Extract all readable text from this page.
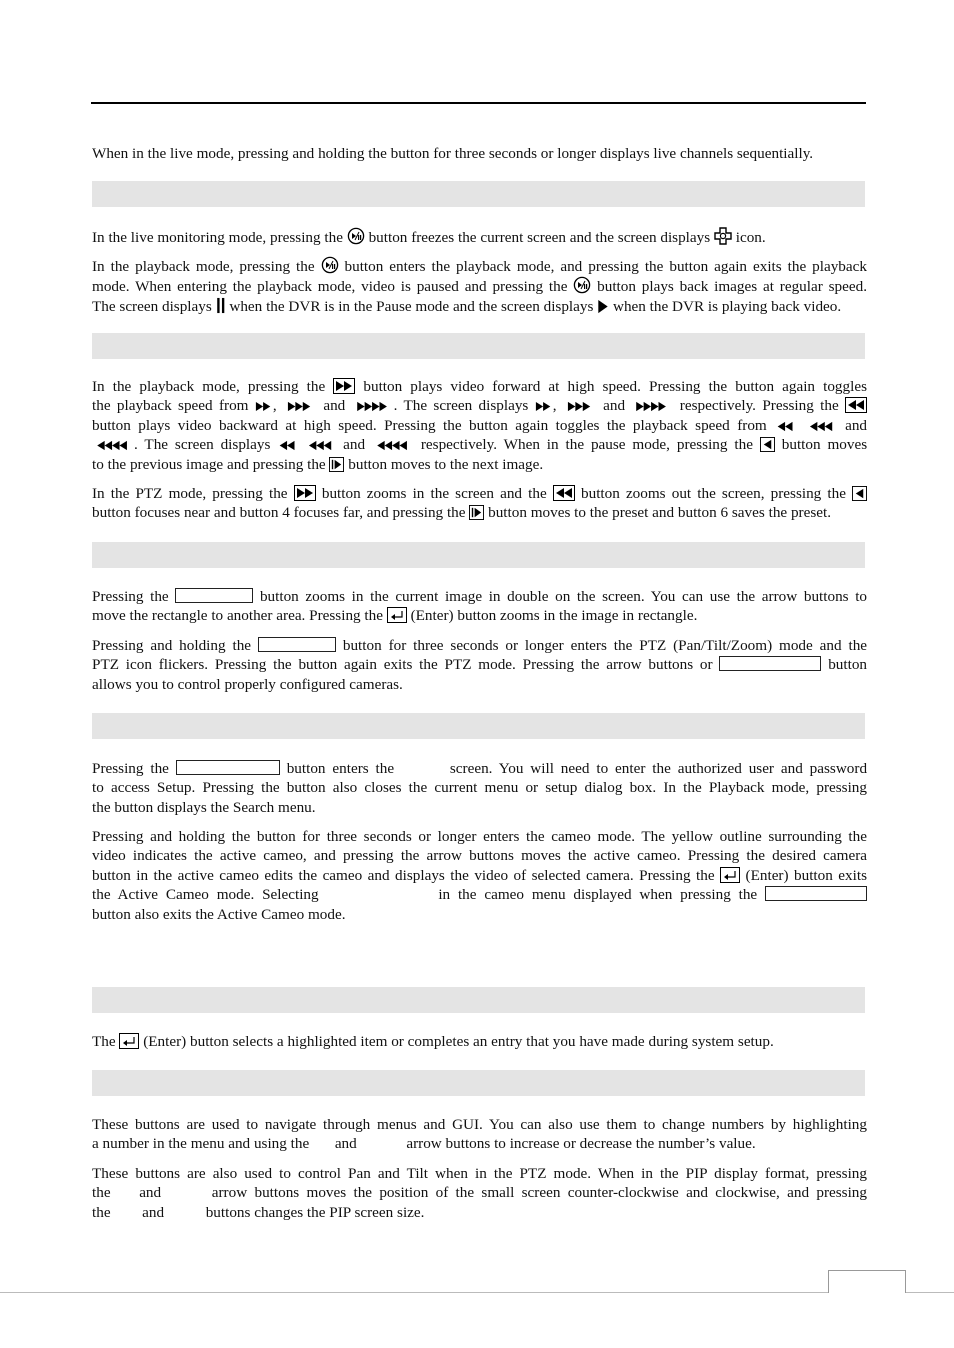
When in the live mode, pressing and holding the button for three seconds or longer displays live channels sequentially.
In the live monitoring mode, pressing the button freezes the current screen and the screen displays icon.
In the playback mode, pressing the button enters the playback mode, and pressing the button again exits the playback
mode. When entering the playback mode, video is paused and pressing the button plays back images at regular speed.
The screen displays when the DVR is in the Pause mode and the screen displays when the DVR is playing back video.
In the playback mode, pressing the	button plays video forward at high speed. Pressing the button again toggles
the playback speed from ,	and	. The screen displays ,	and	respectively. Pressing the
button plays video backward at high speed. Pressing the button again toggles the playback speed from	and
. The screen displays	and	respectively. When in the pause mode, pressing the button moves
to the previous image and pressing the button moves to the next image.
In the PTZ mode, pressing the button zooms in the screen and the button zooms out the screen, pressing the
button focuses near and button 4 focuses far, and pressing the button moves to the preset and button 6 saves the preset.
Pressing the	button zooms in the current image in double on the screen. You can use the arrow buttons to
move the rectangle to another area. Pressing the (Enter) button zooms in the image in rectangle.
Pressing and holding the	button for three seconds or longer enters the PTZ (Pan/Tilt/Zoom) mode and the
PTZ icon flickers. Pressing the button again exits the PTZ mode. Pressing the arrow buttons or	button
allows you to control properly configured cameras.
Pressing the	button enters the	screen. You will need to enter the authorized user and password
to access Setup. Pressing the button also closes the current menu or setup dialog box. In the Playback mode, pressing
the button displays the Search menu.
Pressing and holding the button for three seconds or longer enters the cameo mode. The yellow outline surrounding the
video indicates the active cameo, and pressing the arrow buttons moves the active cameo. Pressing the desired camera
button in the active cameo edits the cameo and displays the video of selected camera. Pressing the (Enter) button exits
the Active Cameo mode. Selecting	in the cameo menu displayed when pressing the
button also exits the Active Cameo mode.
The (Enter) button selects a highlighted item or completes an entry that you have made during system setup.
These buttons are used to navigate through menus and GUI. You can also use them to change numbers by highlighting
a number in the menu and using the and	arrow buttons to increase or decrease the number’s value.
These buttons are also used to control Pan and Tilt when in the PTZ mode. When in the PIP display format, pressing
the and	arrow buttons moves the position of the small screen counter-clockwise and clockwise, and pressing
the and	buttons changes the PIP screen size.
